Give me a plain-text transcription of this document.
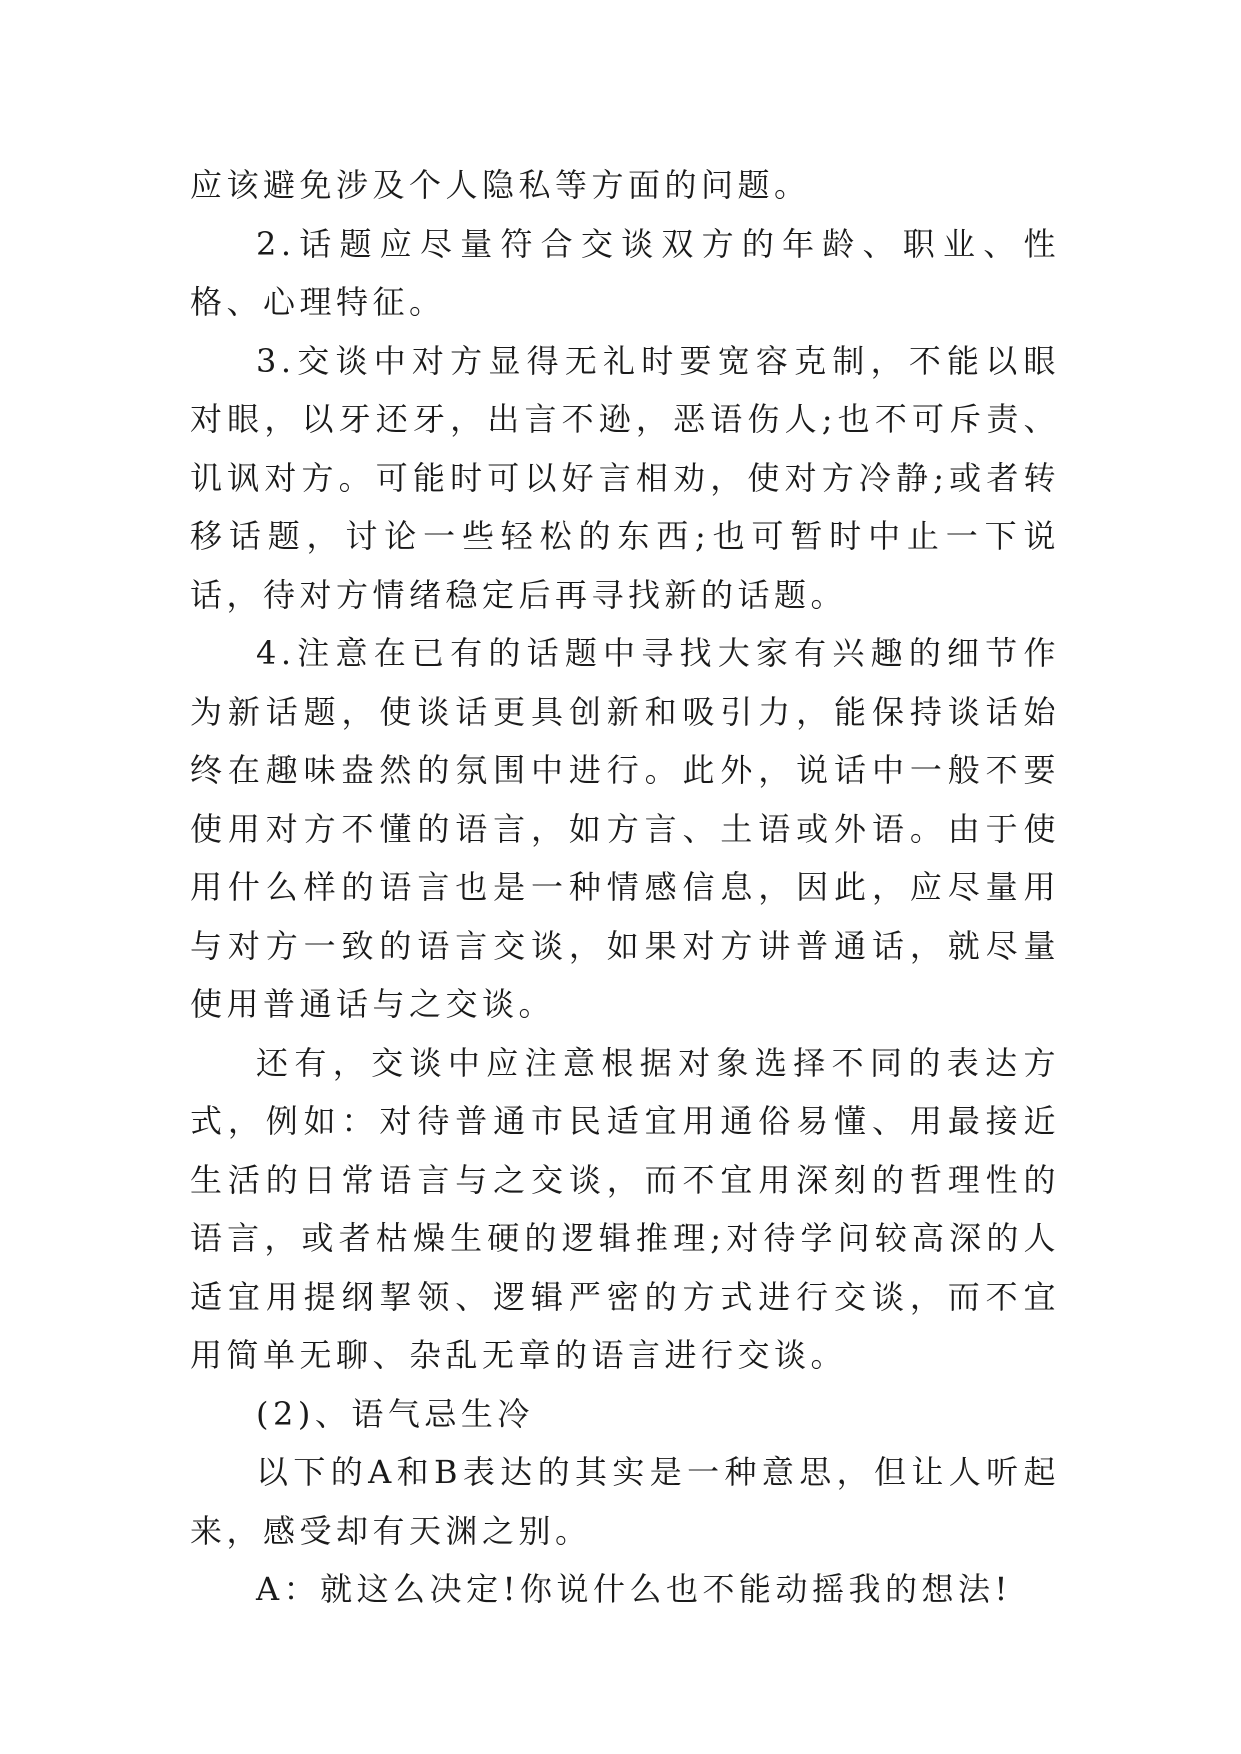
应该避免涉及个人隐私等方面的问题。

2.话题应尽量符合交谈双方的年龄、职业、性格、心理特征。

3.交谈中对方显得无礼时要宽容克制，不能以眼对眼，以牙还牙，出言不逊，恶语伤人;也不可斥责、讥讽对方。可能时可以好言相劝，使对方冷静;或者转移话题，讨论一些轻松的东西;也可暂时中止一下说话，待对方情绪稳定后再寻找新的话题。

4.注意在已有的话题中寻找大家有兴趣的细节作为新话题，使谈话更具创新和吸引力，能保持谈话始终在趣味盎然的氛围中进行。此外，说话中一般不要使用对方不懂的语言，如方言、土语或外语。由于使用什么样的语言也是一种情感信息，因此，应尽量用与对方一致的语言交谈，如果对方讲普通话，就尽量使用普通话与之交谈。

还有，交谈中应注意根据对象选择不同的表达方式，例如：对待普通市民适宜用通俗易懂、用最接近生活的日常语言与之交谈，而不宜用深刻的哲理性的语言，或者枯燥生硬的逻辑推理;对待学问较高深的人适宜用提纲挈领、逻辑严密的方式进行交谈，而不宜用简单无聊、杂乱无章的语言进行交谈。

(2)、语气忌生冷

以下的A和B表达的其实是一种意思，但让人听起来，感受却有天渊之别。

A：就这么决定!你说什么也不能动摇我的想法!
